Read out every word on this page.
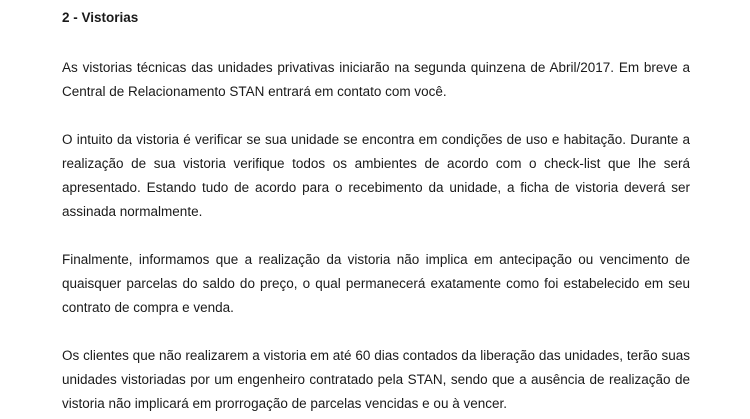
2 - Vistorias

As vistorias técnicas das unidades privativas iniciarão na segunda quinzena de Abril/2017. Em breve a Central de Relacionamento STAN entrará em contato com você.

O intuito da vistoria é verificar se sua unidade se encontra em condições de uso e habitação. Durante a realização de sua vistoria verifique todos os ambientes de acordo com o check-list que lhe será apresentado. Estando tudo de acordo para o recebimento da unidade, a ficha de vistoria deverá ser assinada normalmente.

Finalmente, informamos que a realização da vistoria não implica em antecipação ou vencimento de quaisquer parcelas do saldo do preço, o qual permanecerá exatamente como foi estabelecido em seu contrato de compra e venda.

Os clientes que não realizarem a vistoria em até 60 dias contados da liberação das unidades, terão suas unidades vistoriadas por um engenheiro contratado pela STAN, sendo que a ausência de realização de vistoria não implicará em prorrogação de parcelas vencidas e ou à vencer.
